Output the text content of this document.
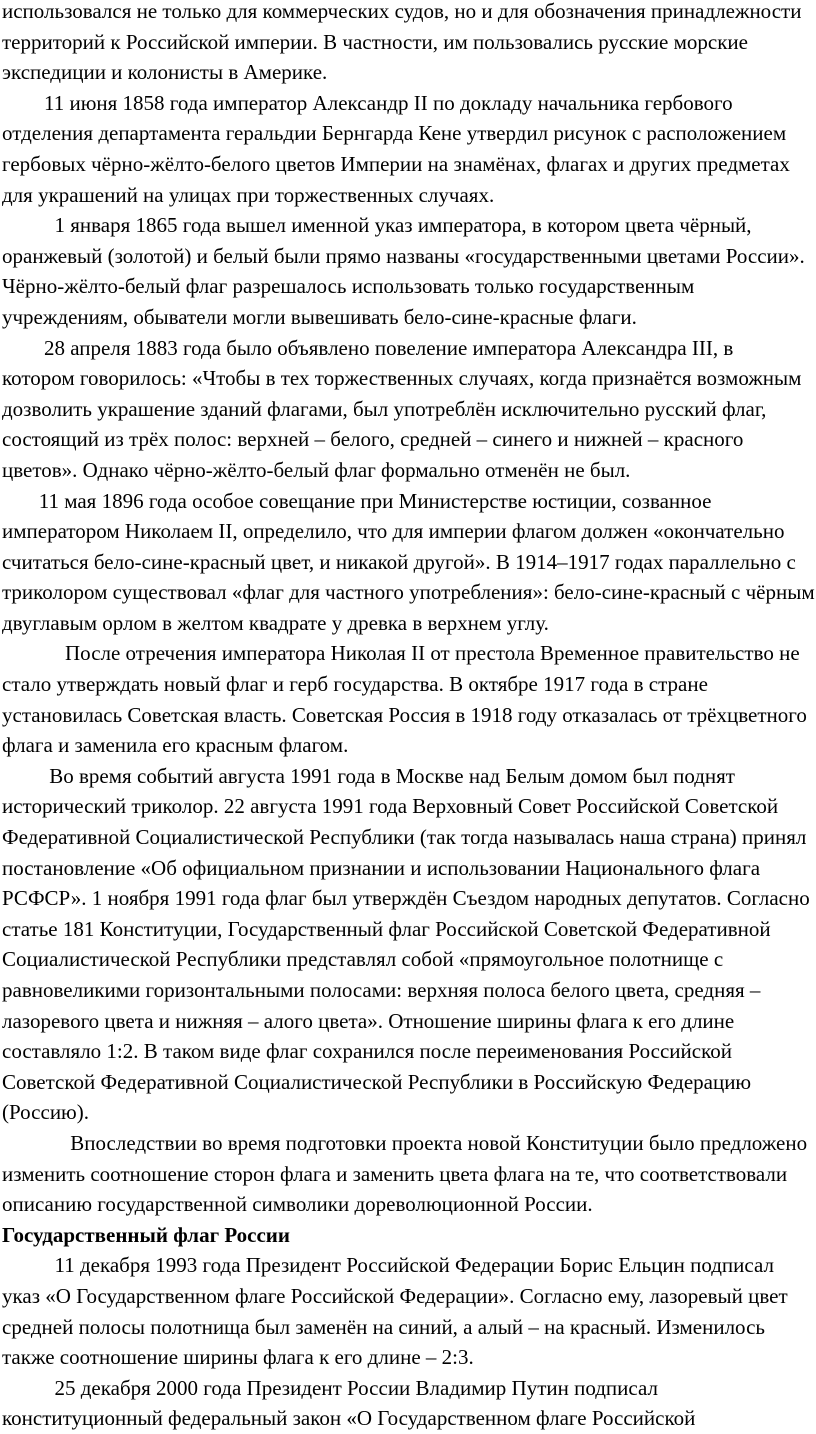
использовался не только для коммерческих судов, но и для обозначения принадлежности
территорий к Российской империи. В частности, им пользовались русские морские
экспедиции и колонисты в Америке.
11 июня 1858 года император Александр II по докладу начальника гербового
отделения департамента геральдии Бернгарда Кене утвердил рисунок с расположением
гербовых чёрно-жёлто-белого цветов Империи на знамёнах, флагах и других предметах
для украшений на улицах при торжественных случаях.
1 января 1865 года вышел именной указ императора, в котором цвета чёрный,
оранжевый (золотой) и белый были прямо названы «государственными цветами России».
Чёрно-жёлто-белый флаг разрешалось использовать только государственным
учреждениям, обыватели могли вывешивать бело-сине-красные флаги.
28 апреля 1883 года было объявлено повеление императора Александра III, в
котором говорилось: «Чтобы в тех торжественных случаях, когда признаётся возможным
дозволить украшение зданий флагами, был употреблён исключительно русский флаг,
состоящий из трёх полос: верхней – белого, средней – синего и нижней – красного
цветов». Однако чёрно-жёлто-белый флаг формально отменён не был.
11 мая 1896 года особое совещание при Министерстве юстиции, созванное
императором Николаем II, определило, что для империи флагом должен «окончательно
считаться бело-сине-красный цвет, и никакой другой». В 1914–1917 годах параллельно с
триколором существовал «флаг для частного употребления»: бело-сине-красный с чёрным
двуглавым орлом в желтом квадрате у древка в верхнем углу.
После отречения императора Николая II от престола Временное правительство не
стало утверждать новый флаг и герб государства. В октябре 1917 года в стране
установилась Советская власть. Советская Россия в 1918 году отказалась от трёхцветного
флага и заменила его красным флагом.
Во время событий августа 1991 года в Москве над Белым домом был поднят
исторический триколор. 22 августа 1991 года Верховный Совет Российской Советской
Федеративной Социалистической Республики (так тогда называлась наша страна) принял
постановление «Об официальном признании и использовании Национального флага
РСФСР». 1 ноября 1991 года флаг был утверждён Съездом народных депутатов. Согласно
статье 181 Конституции, Государственный флаг Российской Советской Федеративной
Социалистической Республики представлял собой «прямоугольное полотнище с
равновеликими горизонтальными полосами: верхняя полоса белого цвета, средняя –
лазоревого цвета и нижняя – алого цвета». Отношение ширины флага к его длине
составляло 1:2. В таком виде флаг сохранился после переименования Российской
Советской Федеративной Социалистической Республики в Российскую Федерацию
(Россию).
Впоследствии во время подготовки проекта новой Конституции было предложено
изменить соотношение сторон флага и заменить цвета флага на те, что соответствовали
описанию государственной символики дореволюционной России.
Государственный флаг России
11 декабря 1993 года Президент Российской Федерации Борис Ельцин подписал
указ «О Государственном флаге Российской Федерации». Согласно ему, лазоревый цвет
средней полосы полотнища был заменён на синий, а алый – на красный. Изменилось
также соотношение ширины флага к его длине – 2:3.
25 декабря 2000 года Президент России Владимир Путин подписал
конституционный федеральный закон «О Государственном флаге Российской
